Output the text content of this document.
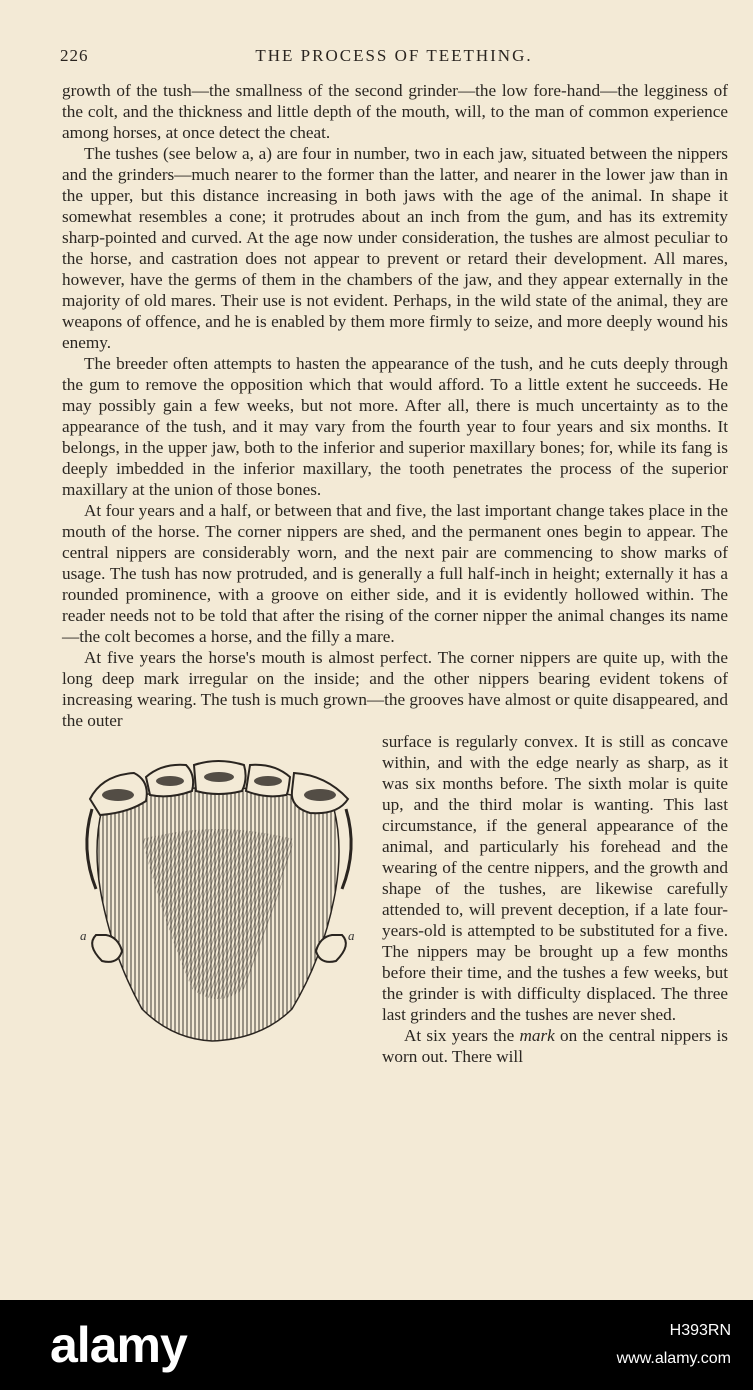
226	THE PROCESS OF TEETHING.

growth of the tush—the smallness of the second grinder—the low fore-hand—the legginess of the colt, and the thickness and little depth of the mouth, will, to the man of common experience among horses, at once detect the cheat.

The tushes (see below a, a) are four in number, two in each jaw, situated between the nippers and the grinders—much nearer to the former than the latter, and nearer in the lower jaw than in the upper, but this distance increasing in both jaws with the age of the animal. In shape it somewhat resembles a cone; it protrudes about an inch from the gum, and has its extremity sharp-pointed and curved. At the age now under consideration, the tushes are almost peculiar to the horse, and castration does not appear to prevent or retard their development. All mares, however, have the germs of them in the chambers of the jaw, and they appear externally in the majority of old mares. Their use is not evident. Perhaps, in the wild state of the animal, they are weapons of offence, and he is enabled by them more firmly to seize, and more deeply wound his enemy.

The breeder often attempts to hasten the appearance of the tush, and he cuts deeply through the gum to remove the opposition which that would afford. To a little extent he succeeds. He may possibly gain a few weeks, but not more. After all, there is much uncertainty as to the appearance of the tush, and it may vary from the fourth year to four years and six months. It belongs, in the upper jaw, both to the inferior and superior maxillary bones; for, while its fang is deeply imbedded in the inferior maxillary, the tooth penetrates the process of the superior maxillary at the union of those bones.

At four years and a half, or between that and five, the last important change takes place in the mouth of the horse. The corner nippers are shed, and the permanent ones begin to appear. The central nippers are considerably worn, and the next pair are commencing to show marks of usage. The tush has now protruded, and is generally a full half-inch in height; externally it has a rounded prominence, with a groove on either side, and it is evidently hollowed within. The reader needs not to be told that after the rising of the corner nipper the animal changes its name—the colt becomes a horse, and the filly a mare.

At five years the horse's mouth is almost perfect. The corner nippers are quite up, with the long deep mark irregular on the inside; and the other nippers bearing evident tokens of increasing wearing. The tush is much grown—the grooves have almost or quite disappeared, and the outer

a	a

surface is regularly convex. It is still as concave within, and with the edge nearly as sharp, as it was six months before. The sixth molar is quite up, and the third molar is wanting. This last circumstance, if the general appearance of the animal, and particularly his forehead and the wearing of the centre nippers, and the growth and shape of the tushes, are likewise carefully attended to, will prevent deception, if a late four-years-old is attempted to be substituted for a five. The nippers may be brought up a few months before their time, and the tushes a few weeks, but the grinder is with difficulty displaced. The three last grinders and the tushes are never shed.

At six years the mark on the central nippers is worn out. There will

alamy	H393RN
www.alamy.com
